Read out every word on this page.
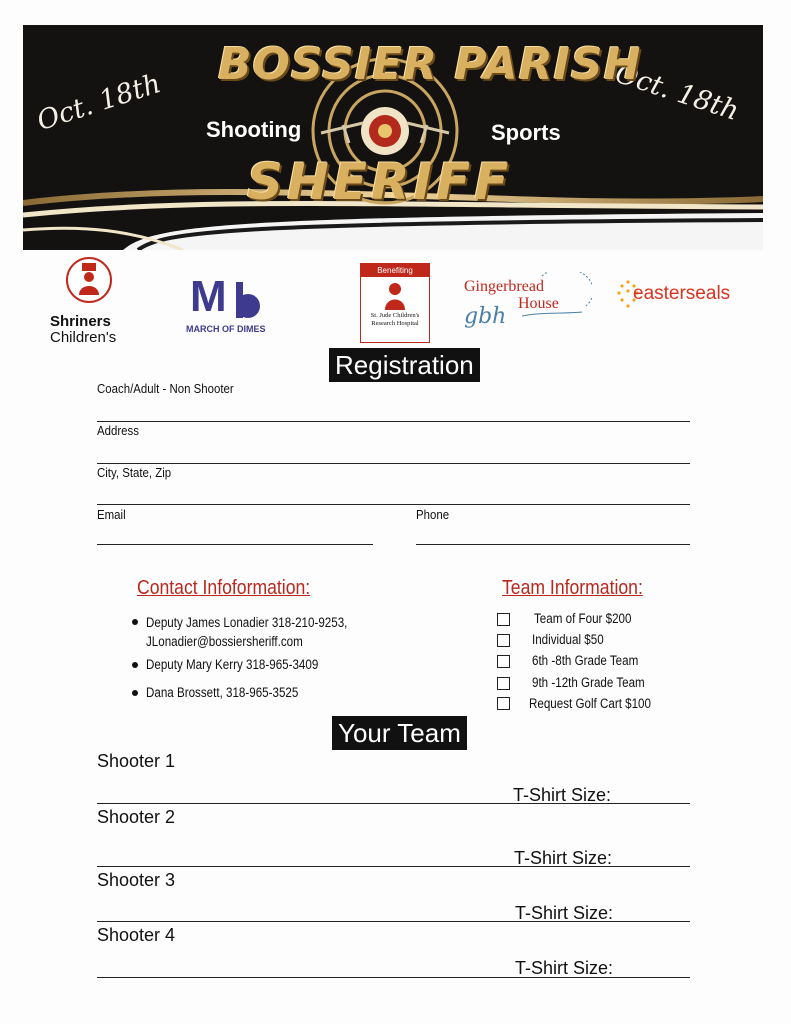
Oct. 18th	Oct. 18th
BOSSIER PARISH
Shooting	Sports
SHERIFF
Shriners
Children's
M
MARCH OF DIMES
Benefiting
St. Jude Children's Research Hospital
Gingerbread
House
gbh
easterseals
Registration
Coach/Adult - Non Shooter
Address
City, State, Zip
Email	Phone
Contact Infoformation:
Deputy James Lonadier 318-210-9253,
JLonadier@bossiersheriff.com
Deputy Mary Kerry 318-965-3409
Dana Brossett, 318-965-3525
Team Information:
Team of Four $200
Individual $50
6th -8th Grade Team
9th -12th Grade Team
Request Golf Cart $100
Your Team
Shooter 1
T-Shirt Size:
Shooter 2
T-Shirt Size:
Shooter 3
T-Shirt Size:
Shooter 4
T-Shirt Size:
